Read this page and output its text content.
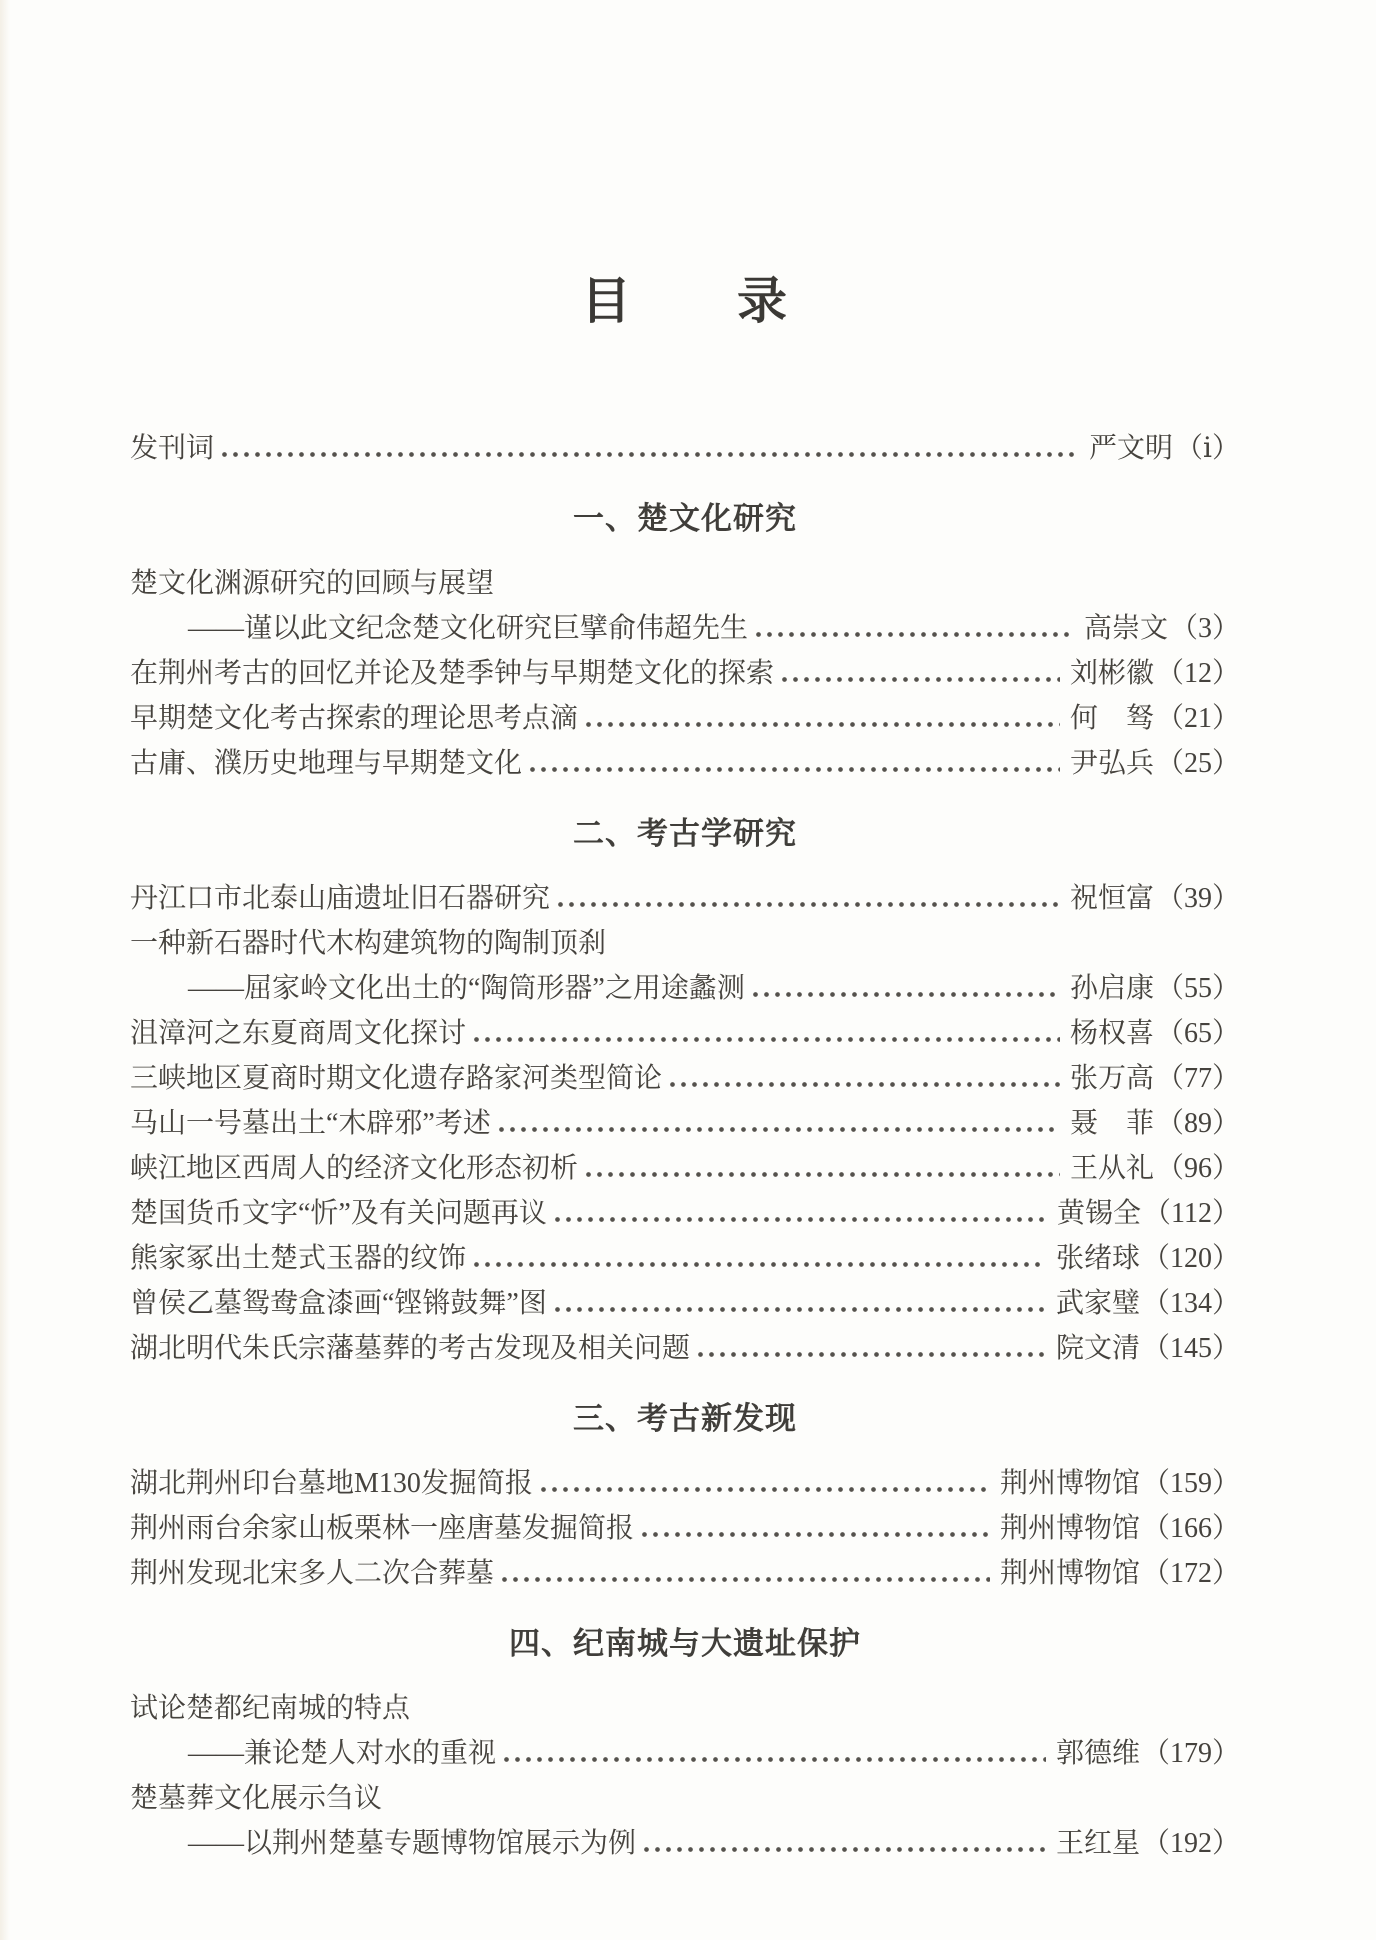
目　　录
发刊词	严文明 （ⅰ）
一、楚文化研究
楚文化渊源研究的回顾与展望
——谨以此文纪念楚文化研究巨擘俞伟超先生	高崇文 （3）
在荆州考古的回忆并论及楚季钟与早期楚文化的探索	刘彬徽 （12）
早期楚文化考古探索的理论思考点滴	何　驽 （21）
古庸、濮历史地理与早期楚文化	尹弘兵 （25）
二、考古学研究
丹江口市北泰山庙遗址旧石器研究	祝恒富 （39）
一种新石器时代木构建筑物的陶制顶刹
——屈家岭文化出土的“陶筒形器”之用途蠡测	孙启康 （55）
沮漳河之东夏商周文化探讨	杨权喜 （65）
三峡地区夏商时期文化遗存路家河类型简论	张万高 （77）
马山一号墓出土“木辟邪”考述	聂　菲 （89）
峡江地区西周人的经济文化形态初析	王从礼 （96）
楚国货币文字“忻”及有关问题再议	黄锡全 （112）
熊家冢出土楚式玉器的纹饰	张绪球 （120）
曾侯乙墓鸳鸯盒漆画“铿锵鼓舞”图	武家璧 （134）
湖北明代朱氏宗藩墓葬的考古发现及相关问题	院文清 （145）
三、考古新发现
湖北荆州印台墓地M130发掘简报	荆州博物馆 （159）
荆州雨台余家山板栗林一座唐墓发掘简报	荆州博物馆 （166）
荆州发现北宋多人二次合葬墓	荆州博物馆 （172）
四、纪南城与大遗址保护
试论楚都纪南城的特点
——兼论楚人对水的重视	郭德维 （179）
楚墓葬文化展示刍议
——以荆州楚墓专题博物馆展示为例	王红星 （192）
